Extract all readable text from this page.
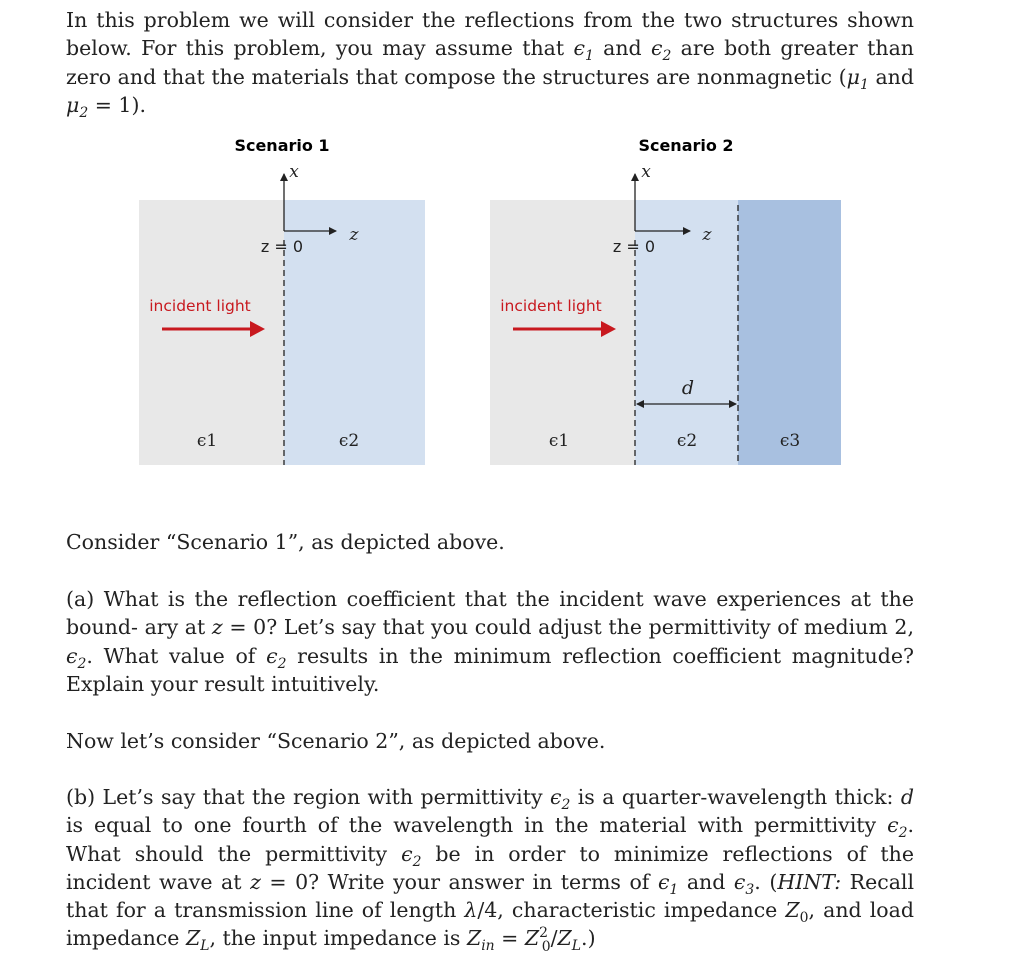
In this problem we will consider the reflections from the two structures shown below. For this problem, you may assume that $\epsilon_1$ and $\epsilon_2$ are both greater than zero and that the materials that compose the structures are nonmagnetic ($\mu_1$ and $\mu_2 = 1$).

Scenario 1
x
z
z = 0
incident light
ϵ1	ϵ2
Scenario 2
x
z
z = 0
incident light
d
ϵ1	ϵ2	ϵ3

Consider “Scenario 1”, as depicted above.

(a) What is the reflection coefficient that the incident wave experiences at the bound- ary at z = 0? Let’s say that you could adjust the permittivity of medium 2, $\epsilon_2$. What value of $\epsilon_2$ results in the minimum reflection coefficient magnitude? Explain your result intuitively.

Now let’s consider “Scenario 2”, as depicted above.

(b) Let’s say that the region with permittivity $\epsilon_2$ is a quarter-wavelength thick: d is equal to one fourth of the wavelength in the material with permittivity $\epsilon_2$. What should the permittivity $\epsilon_2$ be in order to minimize reflections of the incident wave at z = 0? Write your answer in terms of $\epsilon_1$ and $\epsilon_3$. (HINT: Recall that for a transmission line of length λ/4, characteristic impedance $Z_0$, and load impedance $Z_L$, the input impedance is $Z_{in} = Z^2_0/Z_L$.)
